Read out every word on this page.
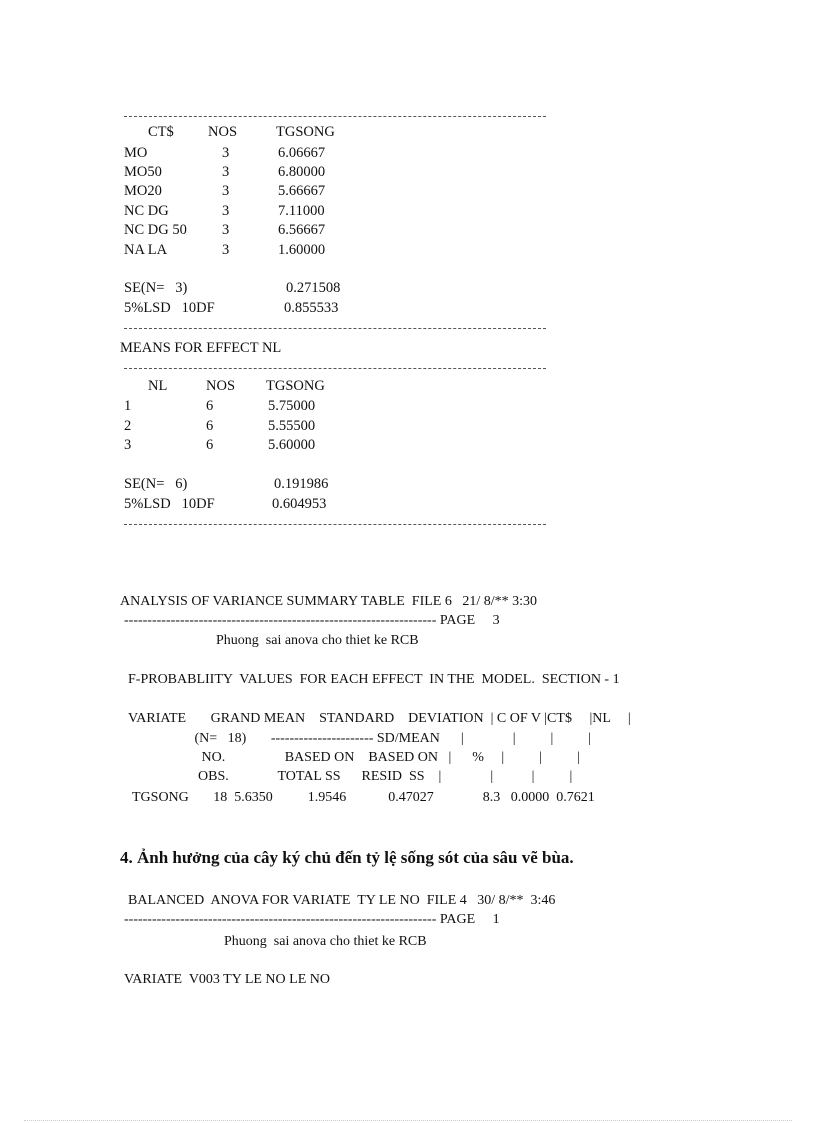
CT$ NOS	TGSONG
MO	3	6.06667
MO50	3	6.80000
MO20	3	5.66667
NC DG	3	7.11000
NC DG 50 3	6.56667
NA LA	3	1.60000
SE(N=   3)	0.271508
5%LSD   10DF	0.855533
MEANS FOR EFFECT NL
NL	NOS TGSONG
1	6	5.75000
2	6	5.55500
3	6	5.60000
SE(N=   6)	0.191986
5%LSD   10DF	0.604953
ANALYSIS OF VARIANCE SUMMARY TABLE  FILE 6   21/ 8/** 3:30
------------------------------------------------------------------- PAGE     3
Phuong  sai anova cho thiet ke RCB
F-PROBABLIITY  VALUES  FOR EACH EFFECT  IN THE  MODEL.  SECTION - 1
VARIATE       GRAND MEAN    STANDARD    DEVIATION  | C OF V |CT$     |NL     |
(N=   18)       ---------------------- SD/MEAN      |              |          |          |
NO.                 BASED ON    BASED ON   |      %     |          |          |
OBS.              TOTAL SS      RESID  SS    |              |           |          |
TGSONG       18  5.6350          1.9546            0.47027              8.3   0.0000  0.7621
4. Ảnh hưởng của cây ký chủ đến tỷ lệ sống sót của sâu vẽ bùa.
BALANCED  ANOVA FOR VARIATE  TY LE NO  FILE 4   30/ 8/**  3:46
------------------------------------------------------------------- PAGE     1
Phuong  sai anova cho thiet ke RCB
VARIATE  V003 TY LE NO LE NO
